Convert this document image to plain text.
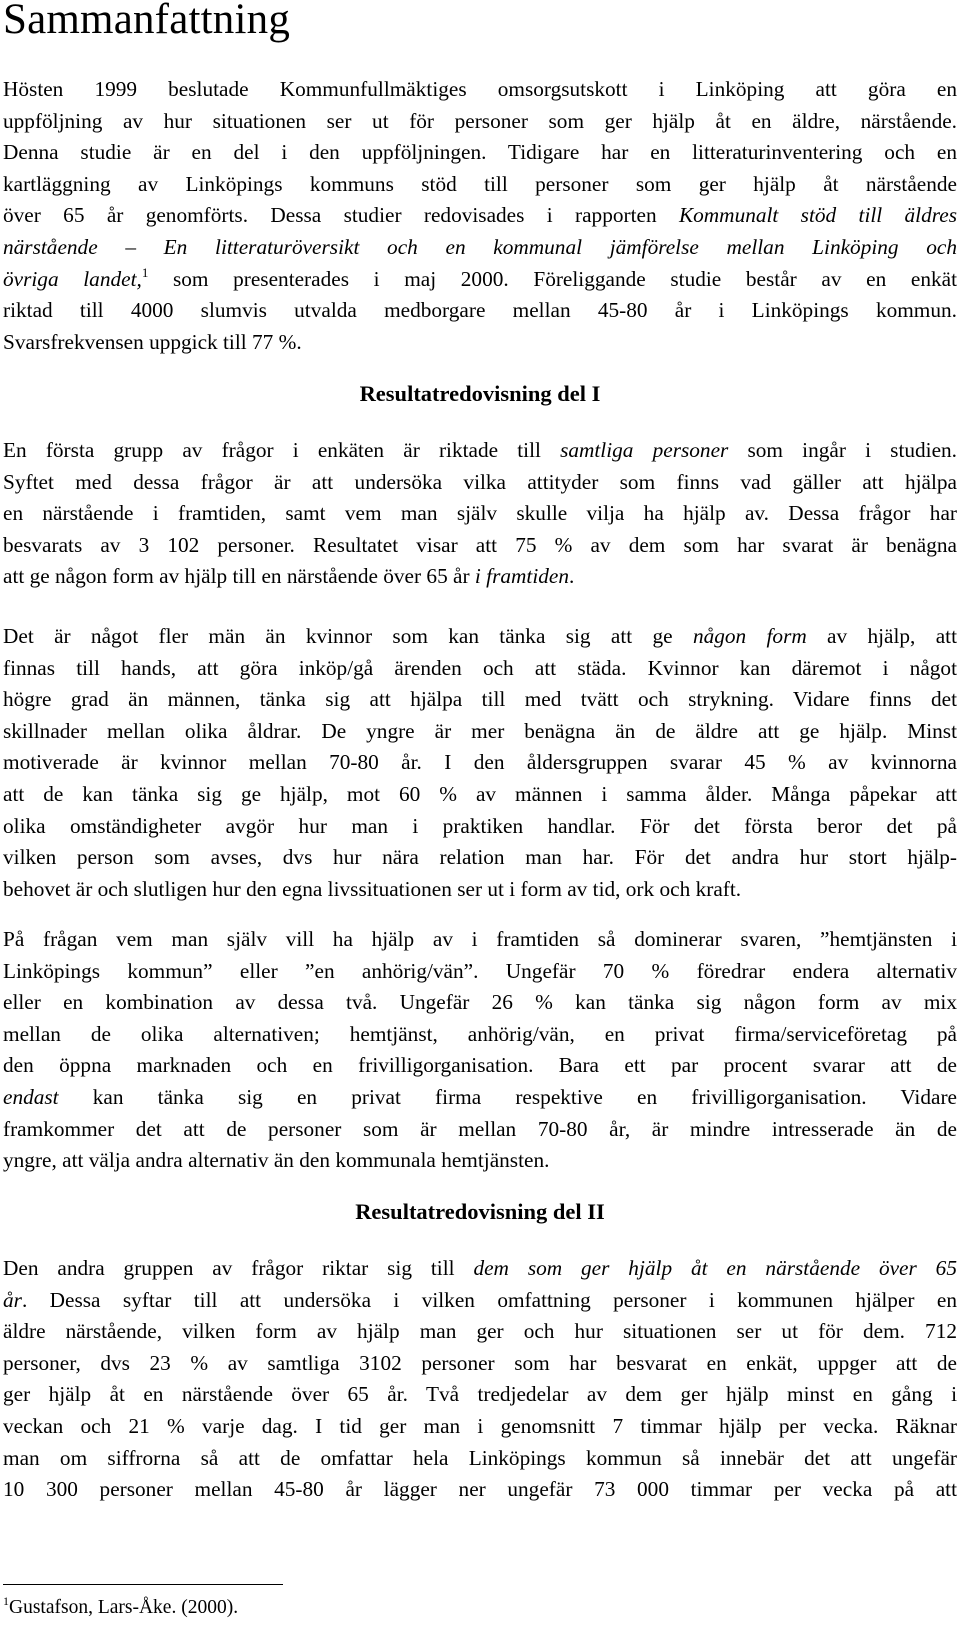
Sammanfattning
Hösten 1999 beslutade Kommunfullmäktiges omsorgsutskott i Linköping att göra en
uppföljning av hur situationen ser ut för personer som ger hjälp åt en äldre, närstående.
Denna studie är en del i den uppföljningen. Tidigare har en litteraturinventering och en
kartläggning av Linköpings kommuns stöd till personer som ger hjälp åt närstående
över 65 år genomförts. Dessa studier redovisades i rapporten Kommunalt stöd till äldres
närstående – En litteraturöversikt och en kommunal jämförelse mellan Linköping och
övriga landet,$^1$ som presenterades i maj 2000. Föreliggande studie består av en enkät
riktad till 4000 slumvis utvalda medborgare mellan 45-80 år i Linköpings kommun.
Svarsfrekvensen uppgick till 77 %.
Resultatredovisning del I
En första grupp av frågor i enkäten är riktade till samtliga personer som ingår i studien.
Syftet med dessa frågor är att undersöka vilka attityder som finns vad gäller att hjälpa
en närstående i framtiden, samt vem man själv skulle vilja ha hjälp av. Dessa frågor har
besvarats av 3 102 personer. Resultatet visar att 75 % av dem som har svarat är benägna
att ge någon form av hjälp till en närstående över 65 år i framtiden.
Det är något fler män än kvinnor som kan tänka sig att ge någon form av hjälp, att
finnas till hands, att göra inköp/gå ärenden och att städa. Kvinnor kan däremot i något
högre grad än männen, tänka sig att hjälpa till med tvätt och strykning. Vidare finns det
skillnader mellan olika åldrar. De yngre är mer benägna än de äldre att ge hjälp. Minst
motiverade är kvinnor mellan 70-80 år. I den åldersgruppen svarar 45 % av kvinnorna
att de kan tänka sig ge hjälp, mot 60 % av männen i samma ålder. Många påpekar att
olika omständigheter avgör hur man i praktiken handlar. För det första beror det på
vilken person som avses, dvs hur nära relation man har. För det andra hur stort hjälp-
behovet är och slutligen hur den egna livssituationen ser ut i form av tid, ork och kraft.
På frågan vem man själv vill ha hjälp av i framtiden så dominerar svaren, ”hemtjänsten i
Linköpings kommun” eller ”en anhörig/vän”. Ungefär 70 % föredrar endera alternativ
eller en kombination av dessa två. Ungefär 26 % kan tänka sig någon form av mix
mellan de olika alternativen; hemtjänst, anhörig/vän, en privat firma/serviceföretag på
den öppna marknaden och en frivilligorganisation. Bara ett par procent svarar att de
endast kan tänka sig en privat firma respektive en frivilligorganisation. Vidare
framkommer det att de personer som är mellan 70-80 år, är mindre intresserade än de
yngre, att välja andra alternativ än den kommunala hemtjänsten.
Resultatredovisning del II
Den andra gruppen av frågor riktar sig till dem som ger hjälp åt en närstående över 65
år. Dessa syftar till att undersöka i vilken omfattning personer i kommunen hjälper en
äldre närstående, vilken form av hjälp man ger och hur situationen ser ut för dem. 712
personer, dvs 23 % av samtliga 3102 personer som har besvarat en enkät, uppger att de
ger hjälp åt en närstående över 65 år. Två tredjedelar av dem ger hjälp minst en gång i
veckan och 21 % varje dag. I tid ger man i genomsnitt 7 timmar hjälp per vecka. Räknar
man om siffrorna så att de omfattar hela Linköpings kommun så innebär det att ungefär
10 300 personer mellan 45-80 år lägger ner ungefär 73 000 timmar per vecka på att
$^1$Gustafson, Lars-Åke. (2000).
